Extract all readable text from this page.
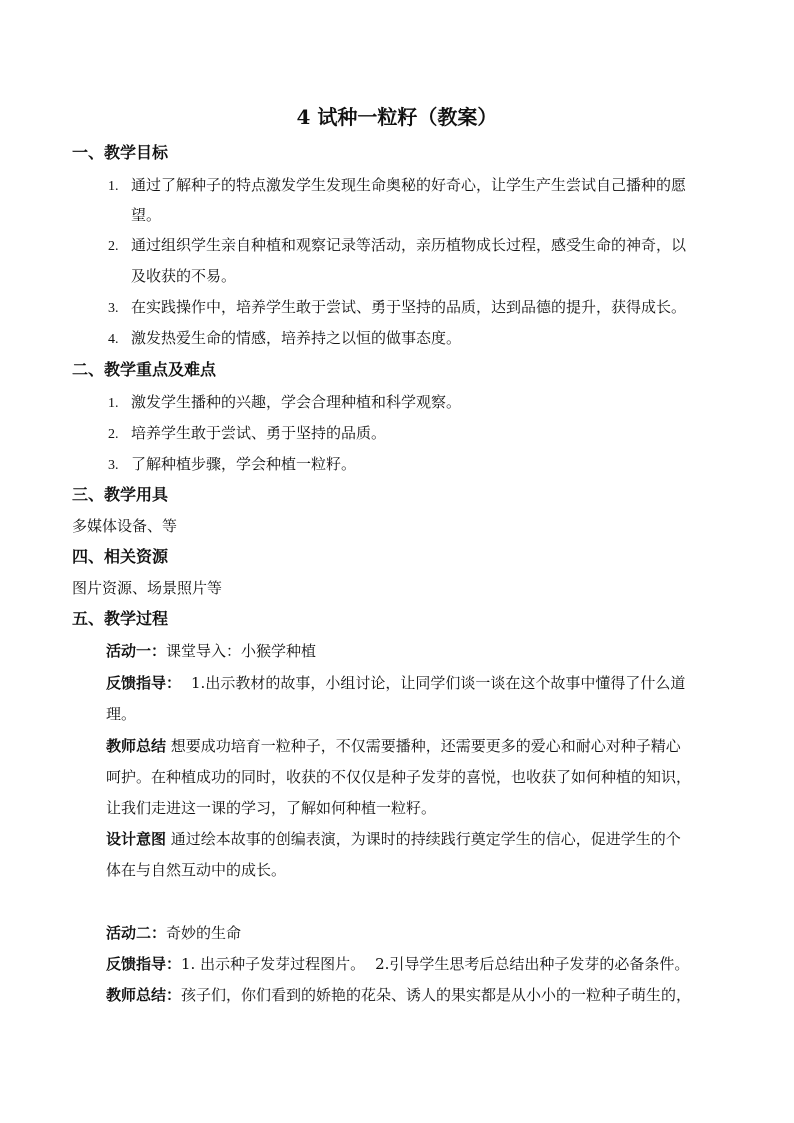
4 试种一粒籽（教案）
一、教学目标
1. 通过了解种子的特点激发学生发现生命奥秘的好奇心，让学生产生尝试自己播种的愿
望。
2. 通过组织学生亲自种植和观察记录等活动，亲历植物成长过程，感受生命的神奇，以
及收获的不易。
3. 在实践操作中，培养学生敢于尝试、勇于坚持的品质，达到品德的提升，获得成长。
4. 激发热爱生命的情感，培养持之以恒的做事态度。
二、教学重点及难点
1. 激发学生播种的兴趣，学会合理种植和科学观察。
2. 培养学生敢于尝试、勇于坚持的品质。
3. 了解种植步骤，学会种植一粒籽。
三、教学用具
多媒体设备、等
四、相关资源
图片资源、场景照片等
五、教学过程
活动一：课堂导入：小猴学种植
反馈指导： 1.出示教材的故事，小组讨论，让同学们谈一谈在这个故事中懂得了什么道
理。
教师总结 想要成功培育一粒种子，不仅需要播种，还需要更多的爱心和耐心对种子精心
呵护。在种植成功的同时，收获的不仅仅是种子发芽的喜悦，也收获了如何种植的知识，
让我们走进这一课的学习，了解如何种植一粒籽。
设计意图 通过绘本故事的创编表演，为课时的持续践行奠定学生的信心，促进学生的个
体在与自然互动中的成长。
活动二：奇妙的生命
反馈指导：1. 出示种子发芽过程图片。 2.引导学生思考后总结出种子发芽的必备条件。
教师总结：孩子们，你们看到的娇艳的花朵、诱人的果实都是从小小的一粒种子萌生的，
